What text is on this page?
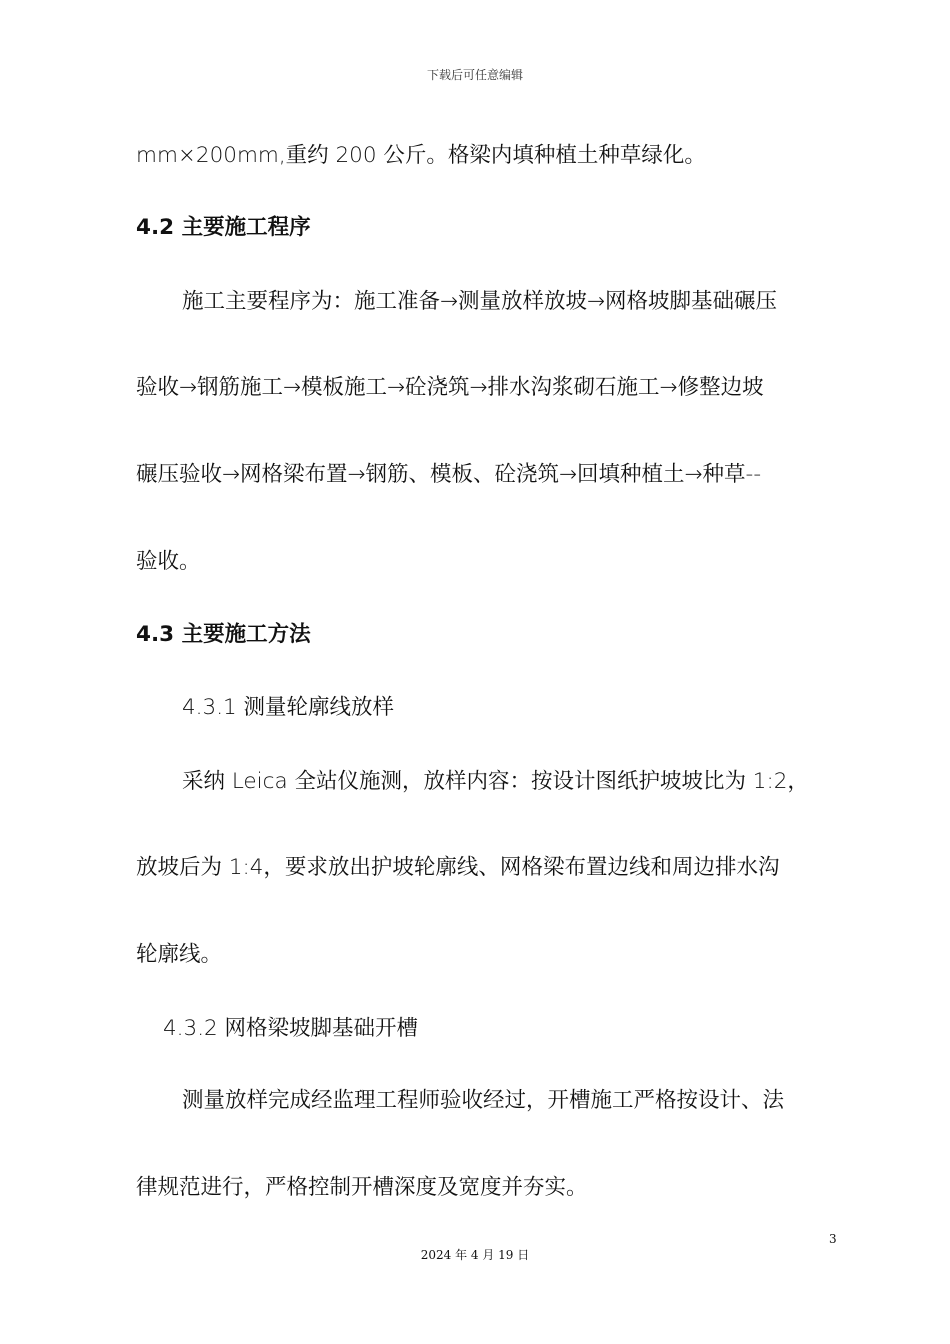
下载后可任意编辑
mm×200mm,重约 200 公斤。格梁内填种植土种草绿化。
4.2 主要施工程序
施工主要程序为：施工准备→测量放样放坡→网格坡脚基础碾压
验收→钢筋施工→模板施工→砼浇筑→排水沟浆砌石施工→修整边坡
碾压验收→网格梁布置→钢筋、模板、砼浇筑→回填种植土→种草--
验收。
4.3 主要施工方法
4.3.1 测量轮廓线放样
采纳 Leica 全站仪施测，放样内容：按设计图纸护坡坡比为 1:2，
放坡后为 1:4，要求放出护坡轮廓线、网格梁布置边线和周边排水沟
轮廓线。
4.3.2 网格梁坡脚基础开槽
测量放样完成经监理工程师验收经过，开槽施工严格按设计、法
律规范进行，严格控制开槽深度及宽度并夯实。
3
2024 年 4 月 19 日
